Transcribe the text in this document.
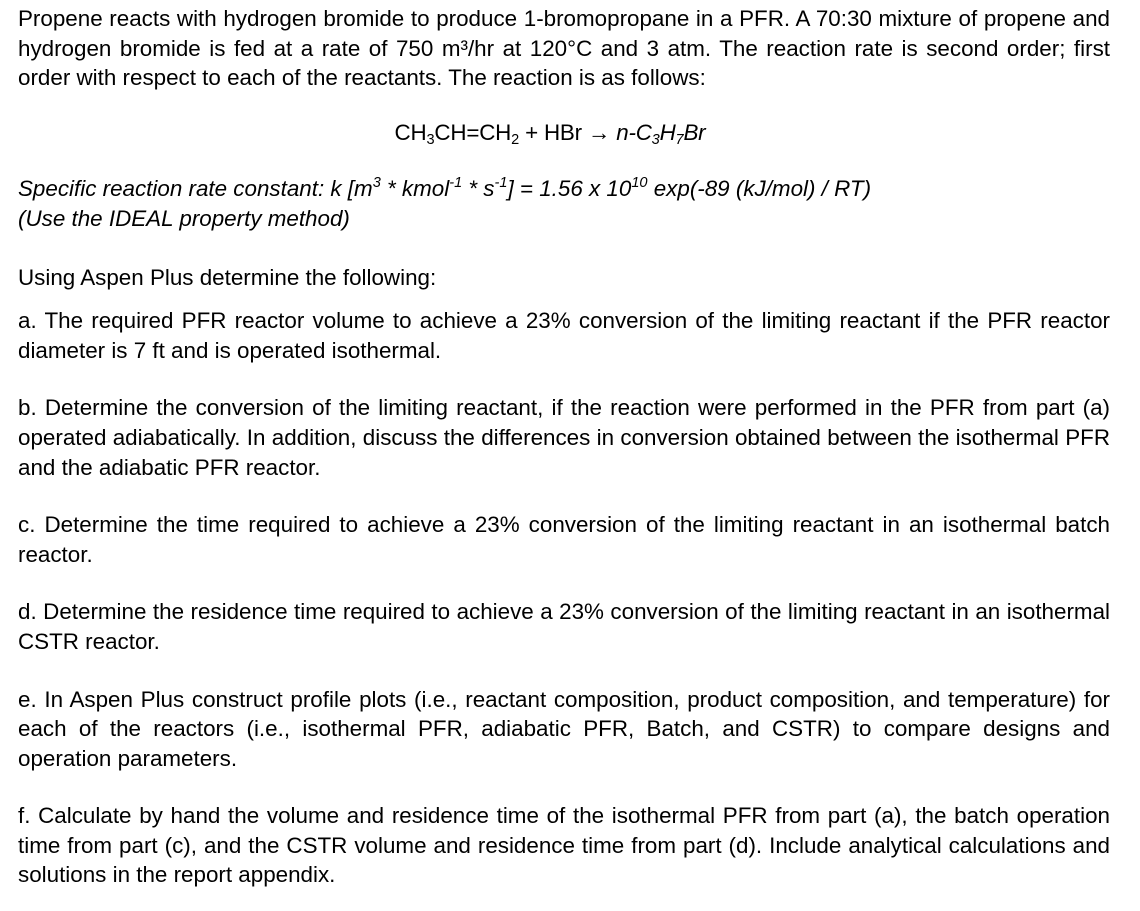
Propene reacts with hydrogen bromide to produce 1-bromopropane in a PFR. A 70:30 mixture of propene and hydrogen bromide is fed at a rate of 750 m³/hr at 120°C and 3 atm. The reaction rate is second order; first order with respect to each of the reactants. The reaction is as follows:

$CH_3CH=CH_2$ + HBr → $n-C_3H_7Br$

Specific reaction rate constant: k [$m^3$ * kmol$^{-1}$ * $s^{-1}] = 1.56$ x $10^{10}$ exp(-89 (kJ/mol) / RT)

(Use the IDEAL property method)

Using Aspen Plus determine the following:

a. The required PFR reactor volume to achieve a 23% conversion of the limiting reactant if the PFR reactor diameter is 7 ft and is operated isothermal.

b. Determine the conversion of the limiting reactant, if the reaction were performed in the PFR from part (a) operated adiabatically. In addition, discuss the differences in conversion obtained between the isothermal PFR and the adiabatic PFR reactor.

c. Determine the time required to achieve a 23% conversion of the limiting reactant in an isothermal batch reactor.

d. Determine the residence time required to achieve a 23% conversion of the limiting reactant in an isothermal CSTR reactor.

e. In Aspen Plus construct profile plots (i.e., reactant composition, product composition, and temperature) for each of the reactors (i.e., isothermal PFR, adiabatic PFR, Batch, and CSTR) to compare designs and operation parameters.

f. Calculate by hand the volume and residence time of the isothermal PFR from part (a), the batch operation time from part (c), and the CSTR volume and residence time from part (d). Include analytical calculations and solutions in the report appendix.
